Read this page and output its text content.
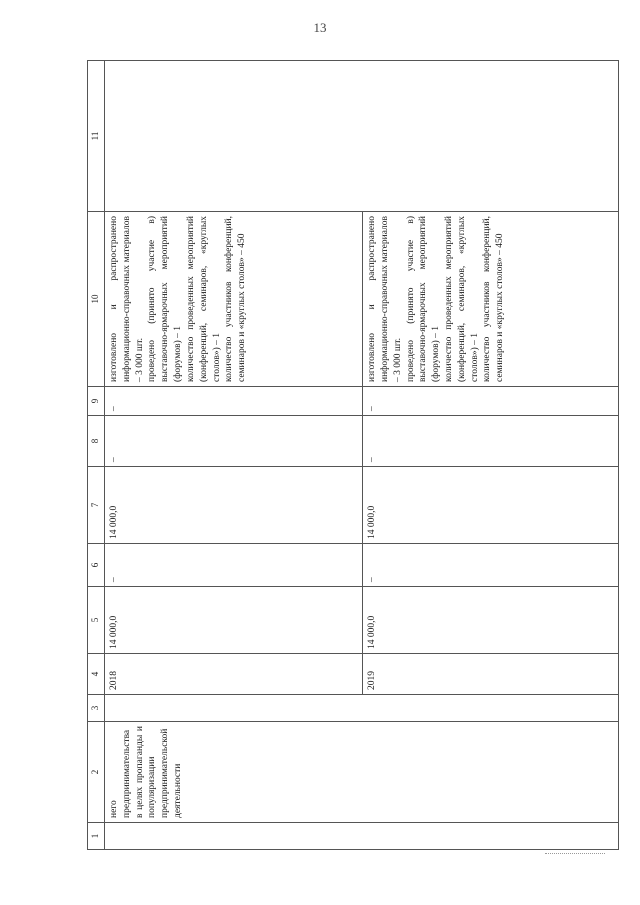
13
1	2	3	4	5	6	7	8	9	10	11
	него предпринимательства в целях пропаганды и популяризации предпринимательской деятельности		2018	14 000,0	–	14 000,0	–	–	изготовлено и распространено информационно-справочных материалов – 3 000 шт. проведено (принято участие в) выставочно-ярмарочных мероприятий (форумов) – 1 количество проведенных мероприятий (конференций, семинаров, «круглых столов») – 1 количество участников конференций, семинаров и «круглых столов» – 450	

			2019	14 000,0	–	14 000,0	–	–	изготовлено и распространено информационно-справочных материалов – 3 000 шт. проведено (принято участие в) выставочно-ярмарочных мероприятий (форумов) – 1 количество проведенных мероприятий (конференций, семинаров, «круглых столов») – 1 количество участников конференций, семинаров и «круглых столов» – 450	
